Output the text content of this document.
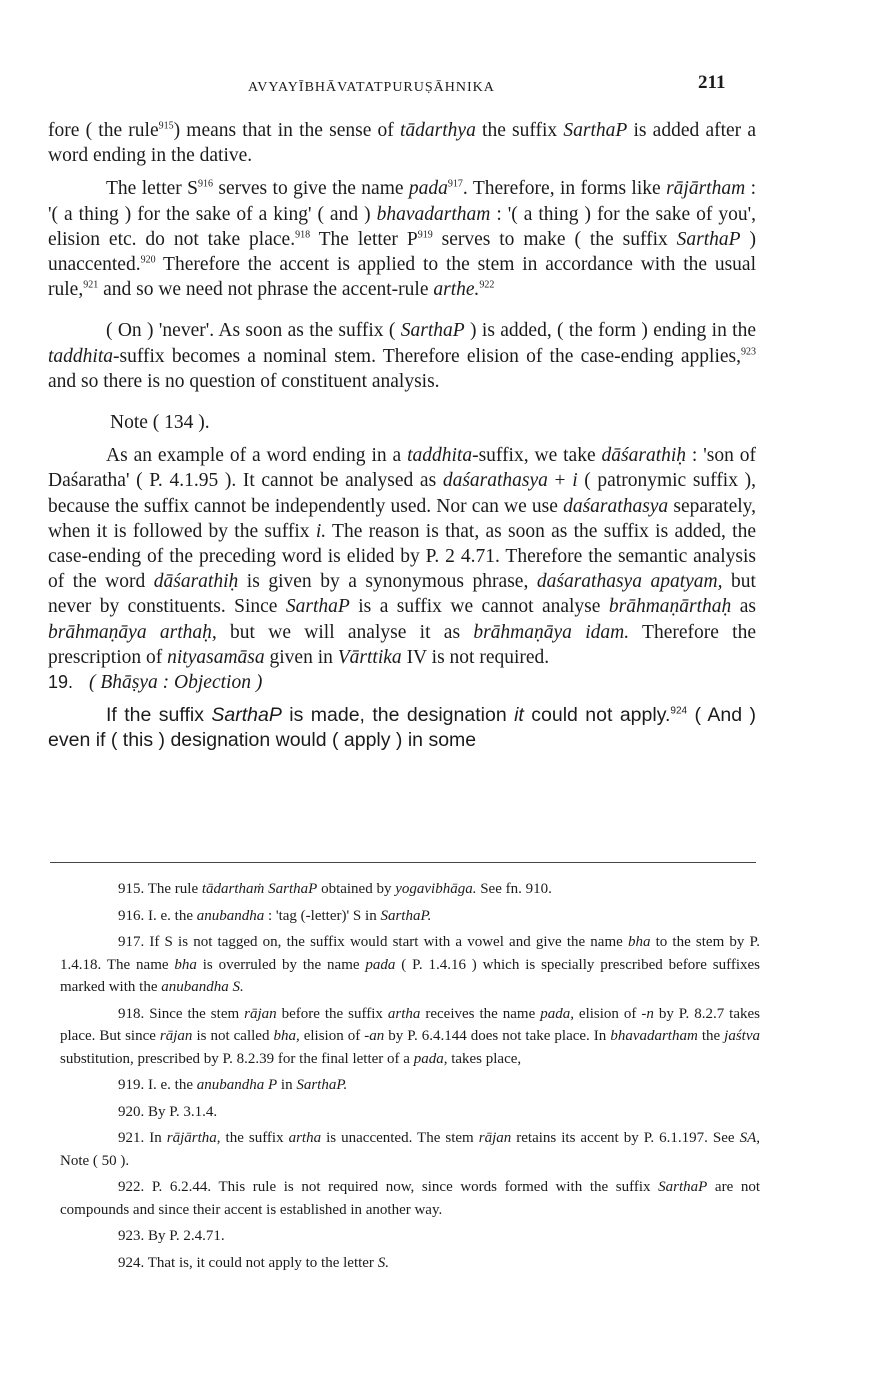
AVYAYĪBHĀVATATPURUṢĀHNIKA	211

fore ( the rule$^{915}$) means that in the sense of tādarthya the suffix SarthaP is added after a word ending in the dative.

The letter $S^{916}$ serves to give the name pada$^{917}$. Therefore, in forms like rājārtham : '( a thing ) for the sake of a king' ( and ) bhavadartham : '( a thing ) for the sake of you', elision etc. do not take place.$^{918}$ The letter $P^{919}$ serves to make ( the suffix SarthaP ) unaccented.$^{920}$ Therefore the accent is applied to the stem in accordance with the usual rule,$^{921}$ and so we need not phrase the accent-rule arthe.$^{922}$

( On ) 'never'. As soon as the suffix ( SarthaP ) is added, ( the form ) ending in the taddhita-suffix becomes a nominal stem. Therefore elision of the case-ending applies,$^{923}$ and so there is no question of constituent analysis.

Note ( 134 ).

As an example of a word ending in a taddhita-suffix, we take dāśarathiḥ : 'son of Daśaratha' ( P. 4.1.95 ). It cannot be analysed as daśarathasya + i ( patronymic suffix ), because the suffix cannot be independently used. Nor can we use daśarathasya separately, when it is followed by the suffix i. The reason is that, as soon as the suffix is added, the case-ending of the preceding word is elided by P. 2 4.71. Therefore the semantic analysis of the word dāśarathiḥ is given by a synonymous phrase, daśarathasya apatyam, but never by constituents. Since SarthaP is a suffix we cannot analyse brāhmaṇārthaḥ as brāhmaṇāya arthaḥ, but we will analyse it as brāhmaṇāya idam. Therefore the prescription of nityasamāsa given in Vārttika IV is not required.

19. ( Bhāṣya : Objection )

If the suffix SarthaP is made, the designation it could not apply.$^{924}$ ( And ) even if ( this ) designation would ( apply ) in some

915. The rule tādarthaṁ SarthaP obtained by yogavibhāga. See fn. 910.

916. I. e. the anubandha : 'tag (-letter)' S in SarthaP.

917. If S is not tagged on, the suffix would start with a vowel and give the name bha to the stem by P. 1.4.18. The name bha is overruled by the name pada ( P. 1.4.16 ) which is specially prescribed before suffixes marked with the anubandha S.

918. Since the stem rājan before the suffix artha receives the name pada, elision of -n by P. 8.2.7 takes place. But since rājan is not called bha, elision of -an by P. 6.4.144 does not take place. In bhavadartham the jaśtva substitution, prescribed by P. 8.2.39 for the final letter of a pada, takes place,

919. I. e. the anubandha P in SarthaP.

920. By P. 3.1.4.

921. In rājārtha, the suffix artha is unaccented. The stem rājan retains its accent by P. 6.1.197. See SA, Note ( 50 ).

922. P. 6.2.44. This rule is not required now, since words formed with the suffix SarthaP are not compounds and since their accent is established in another way.

923. By P. 2.4.71.

924. That is, it could not apply to the letter S.
